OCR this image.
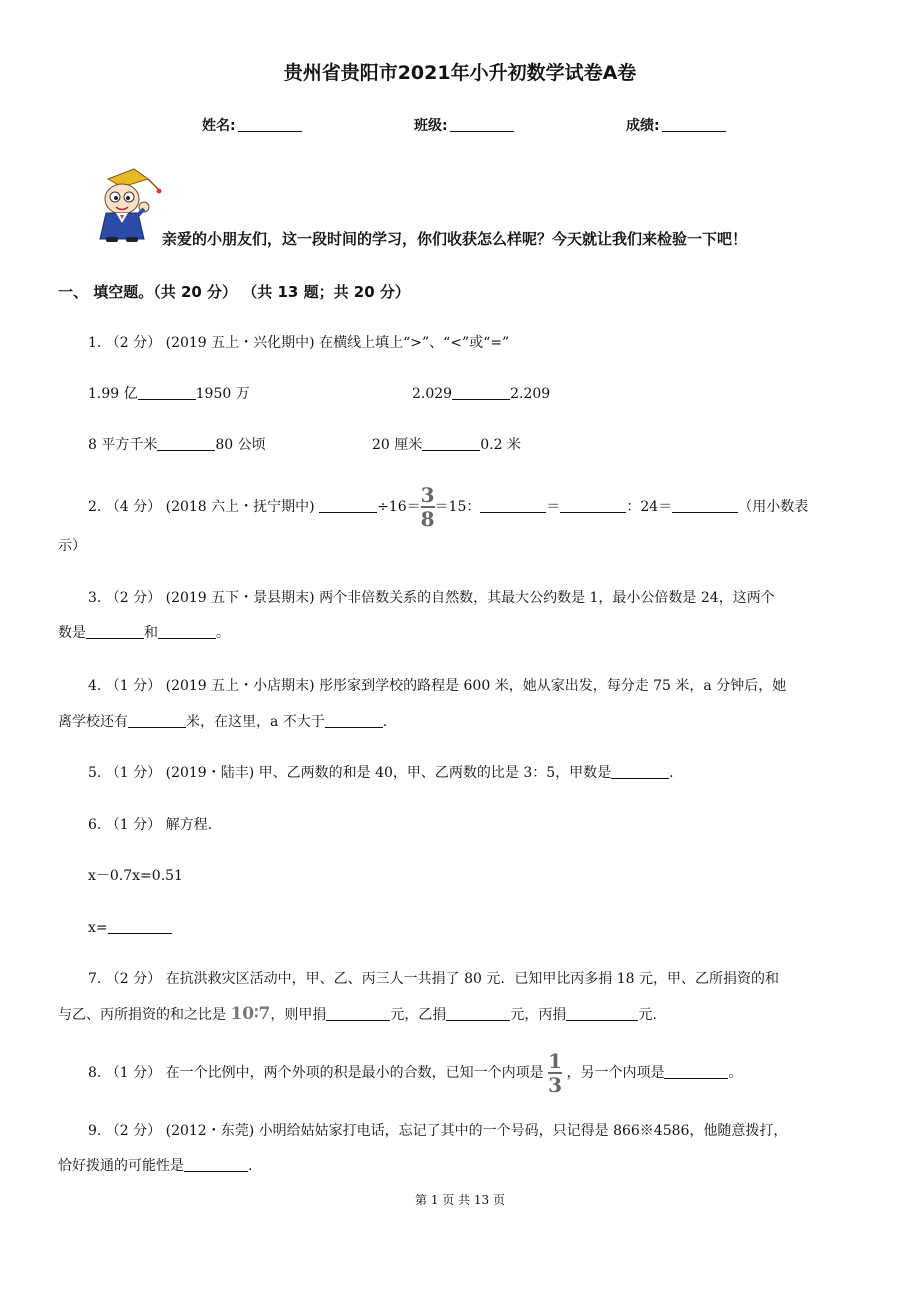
贵州省贵阳市2021年小升初数学试卷A卷
姓名:	班级:	成绩:
亲爱的小朋友们，这一段时间的学习，你们收获怎么样呢？今天就让我们来检验一下吧！
一、 填空题。（共 20 分） （共 13 题；共 20 分）
1. （2 分） (2019 五上・兴化期中) 在横线上填上“>”、“<”或“=”
1.99 亿	1950 万	2.029	2.209
8 平方千米	80 公顷	20 厘米	0.2 米
2. （4 分） (2018 六上・抚宁期中)	$\div 16= \frac{3}{8} =15$：	＝	：24＝	（用小数表
示）
3. （2 分） (2019 五下・景县期末) 两个非倍数关系的自然数，其最大公约数是 1，最小公倍数是 24，这两个
数是	和	。
4. （1 分） (2019 五上・小店期末) 彤彤家到学校的路程是 600 米，她从家出发，每分走 75 米，a 分钟后，她
离学校还有	米，在这里，a 不大于	.
5. （1 分） (2019・陆丰) 甲、乙两数的和是 40，甲、乙两数的比是 3：5，甲数是	.
6. （1 分） 解方程.
x－0.7x=0.51
x=
7. （2 分） 在抗洪救灾区活动中，甲、乙、丙三人一共捐了 80 元．已知甲比丙多捐 18 元，甲、乙所捐资的和
与乙、丙所捐资的和之比是 10∶7，则甲捐	元，乙捐	元，丙捐	元.
8. （1 分） 在一个比例中，两个外项的积是最小的合数，已知一个内项是 $\frac{1}{3}$ ，另一个内项是	。
9. （2 分） (2012・东莞) 小明给姑姑家打电话，忘记了其中的一个号码，只记得是 866※4586，他随意拨打，
恰好拨通的可能性是	.
第 1 页 共 13 页
